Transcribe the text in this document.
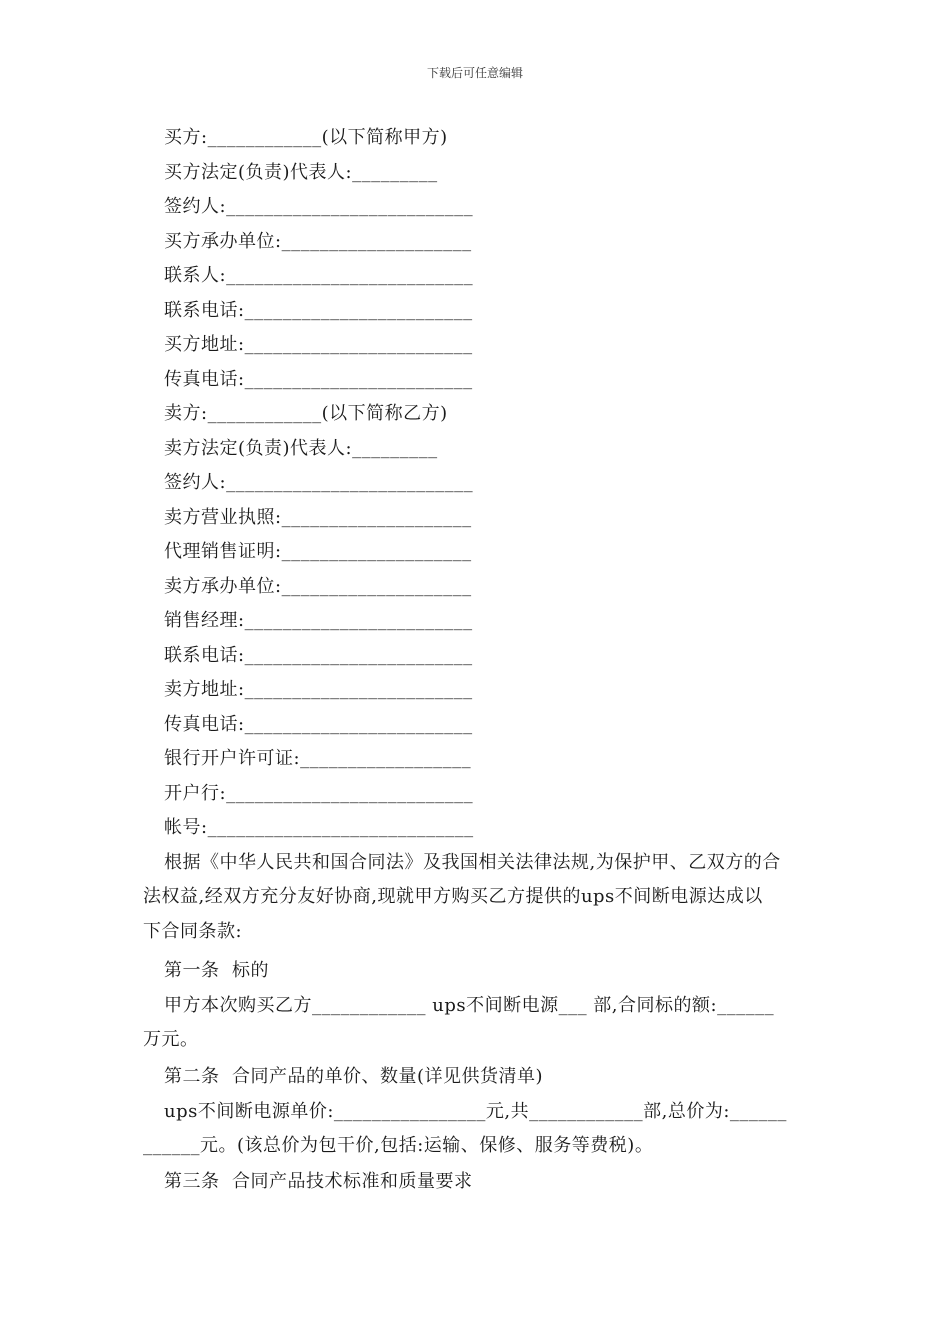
下载后可任意编辑
买方:____________(以下简称甲方)
买方法定(负责)代表人:_________
签约人:__________________________
买方承办单位:____________________
联系人:__________________________
联系电话:________________________
买方地址:________________________
传真电话:________________________
卖方:____________(以下简称乙方)
卖方法定(负责)代表人:_________
签约人:__________________________
卖方营业执照:____________________
代理销售证明:____________________
卖方承办单位:____________________
销售经理:________________________
联系电话:________________________
卖方地址:________________________
传真电话:________________________
银行开户许可证:__________________
开户行:__________________________
帐号:____________________________
根据《中华人民共和国合同法》及我国相关法律法规,为保护甲、乙双方的合
法权益,经双方充分友好协商,现就甲方购买乙方提供的ups不间断电源达成以
下合同条款:
第一条  标的
甲方本次购买乙方____________ ups不间断电源___ 部,合同标的额:______
万元。
第二条  合同产品的单价、数量(详见供货清单)
ups不间断电源单价:________________元,共____________部,总价为:______
______元。(该总价为包干价,包括:运输、保修、服务等费税)。
第三条  合同产品技术标准和质量要求
